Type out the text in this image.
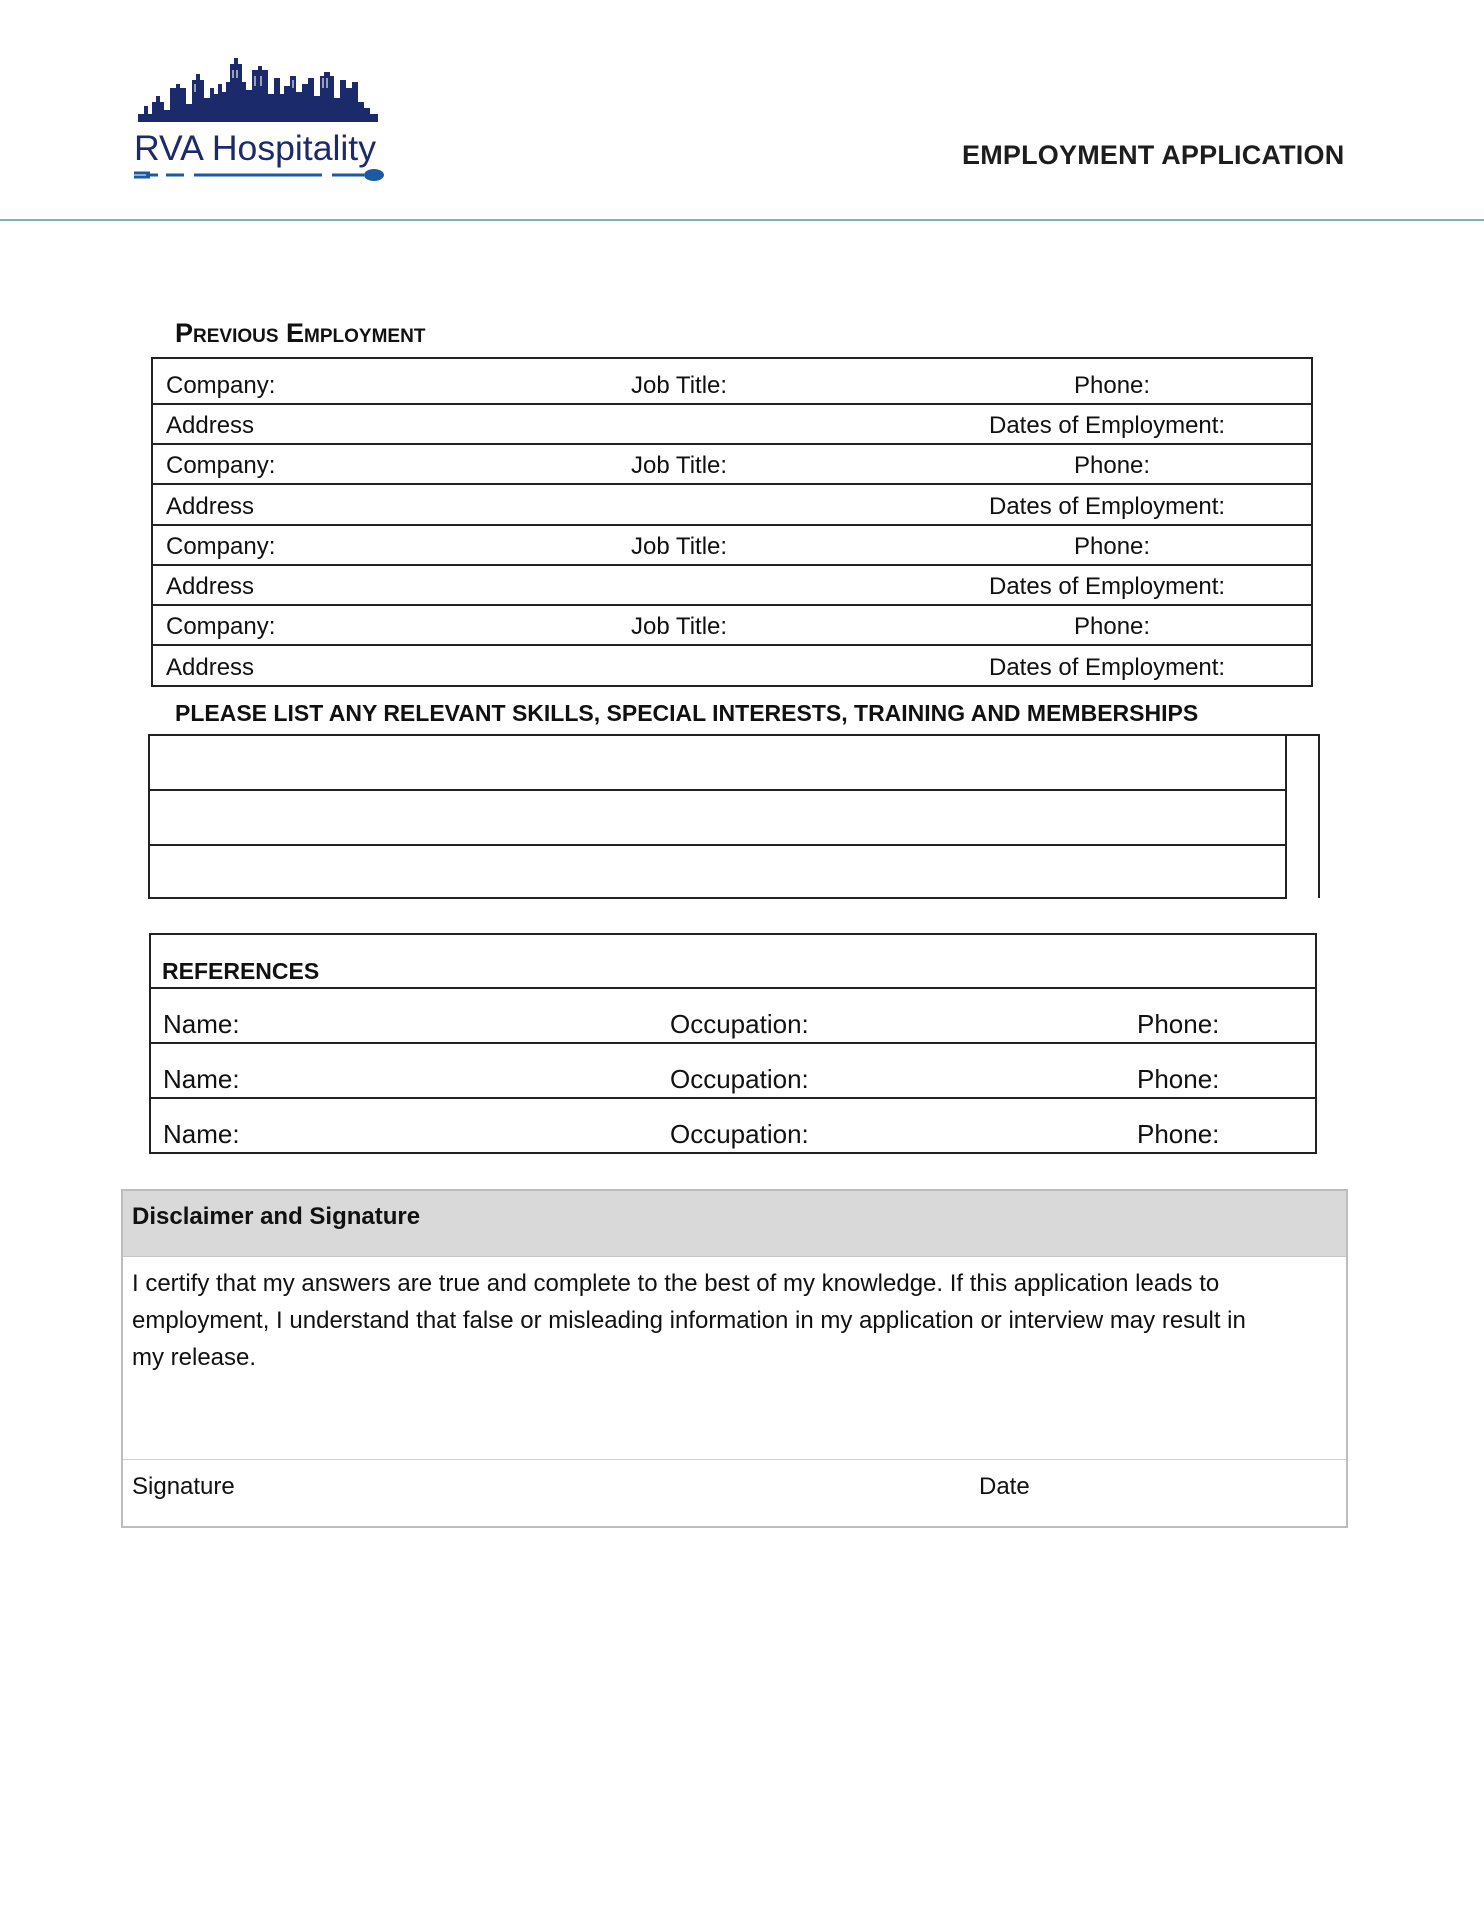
RVA Hospitality	EMPLOYMENT APPLICATION
Previous Employment
Company:	Job Title:	Phone:
Address	Dates of Employment:
Company:	Job Title:	Phone:
Address	Dates of Employment:
Company:	Job Title:	Phone:
Address	Dates of Employment:
Company:	Job Title:	Phone:
Address	Dates of Employment:
PLEASE LIST ANY RELEVANT SKILLS, SPECIAL INTERESTS, TRAINING AND MEMBERSHIPS
Name:	Occupation:	Phone:
Name:	Occupation:	Phone:
Name:	Occupation:	Phone:
REFERENCES
Disclaimer and Signature
I certify that my answers are true and complete to the best of my knowledge. If this application leads to employment, I understand that false or misleading information in my application or interview may result in my release.
Signature	Date
